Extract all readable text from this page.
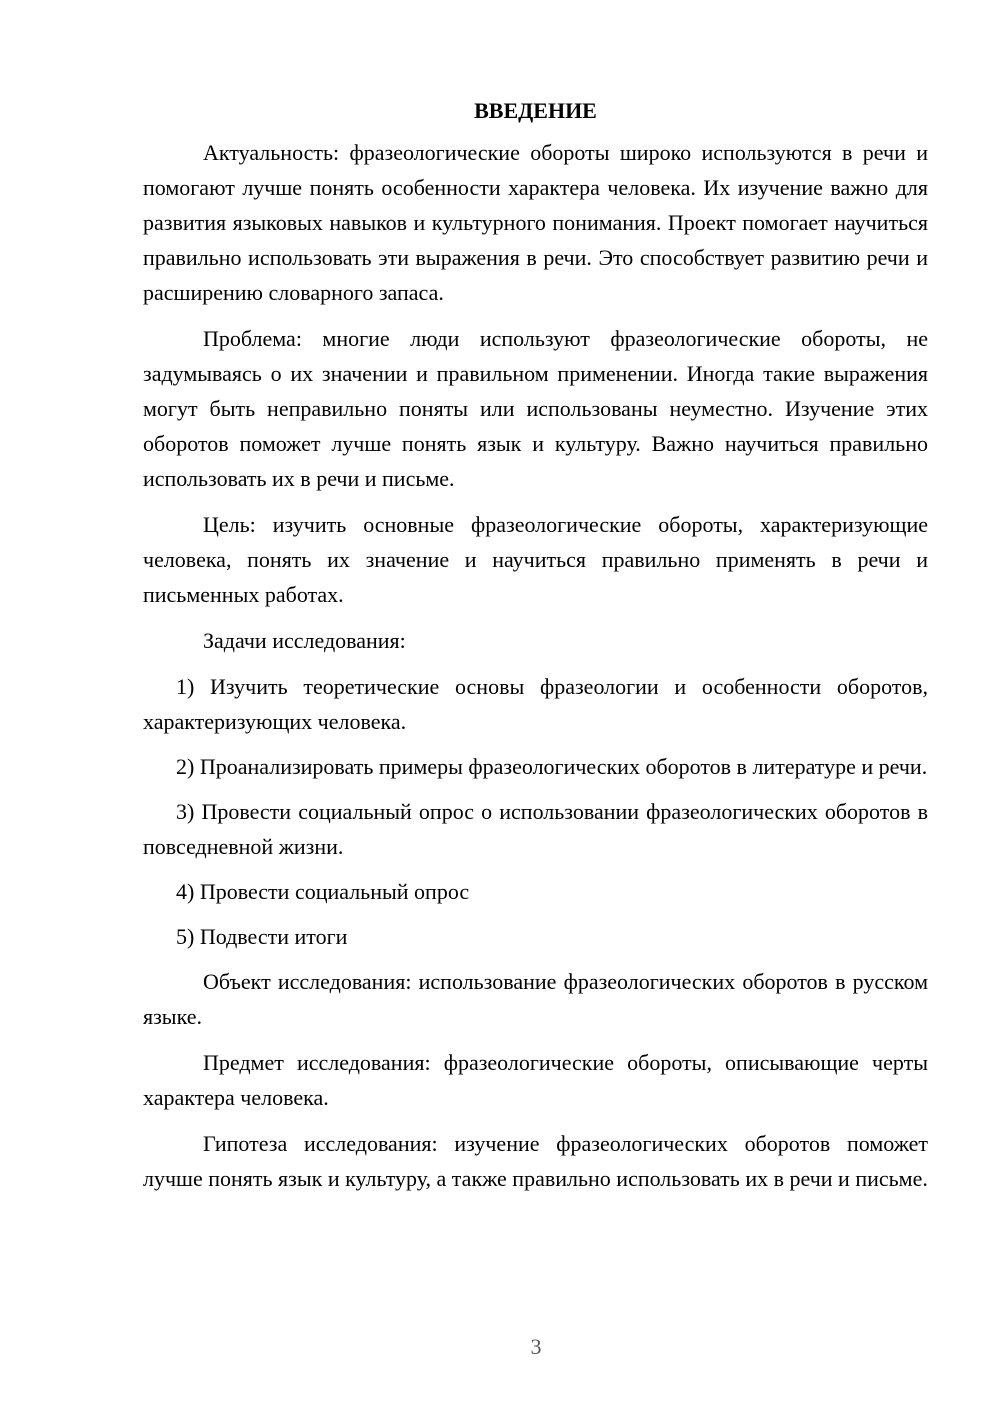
ВВЕДЕНИЕ

Актуальность: фразеологические обороты широко используются в речи и помогают лучше понять особенности характера человека. Их изучение важно для развития языковых навыков и культурного понимания. Проект помогает научиться правильно использовать эти выражения в речи. Это способствует развитию речи и расширению словарного запаса.

Проблема: многие люди используют фразеологические обороты, не задумываясь о их значении и правильном применении. Иногда такие выражения могут быть неправильно поняты или использованы неуместно. Изучение этих оборотов поможет лучше понять язык и культуру. Важно научиться правильно использовать их в речи и письме.

Цель: изучить основные фразеологические обороты, характеризующие человека, понять их значение и научиться правильно применять в речи и письменных работах.

Задачи исследования:

1) Изучить теоретические основы фразеологии и особенности оборотов, характеризующих человека.

2) Проанализировать примеры фразеологических оборотов в литературе и речи.

3) Провести социальный опрос о использовании фразеологических оборотов в повседневной жизни.

4) Провести социальный опрос

5) Подвести итоги

Объект исследования: использование фразеологических оборотов в русском языке.

Предмет исследования: фразеологические обороты, описывающие черты характера человека.

Гипотеза исследования: изучение фразеологических оборотов поможет лучше понять язык и культуру, а также правильно использовать их в речи и письме.

3
